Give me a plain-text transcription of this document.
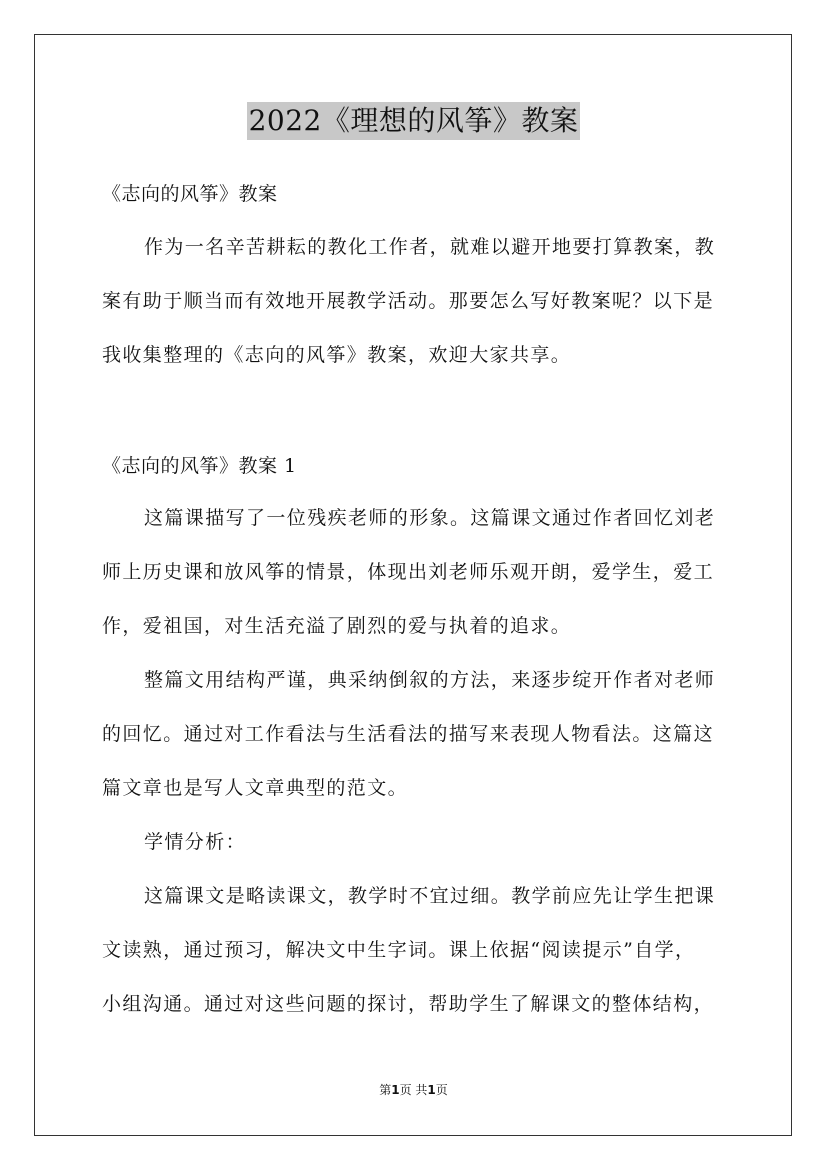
2022《理想的风筝》教案
《志向的风筝》教案

作为一名辛苦耕耘的教化工作者，就难以避开地要打算教案，教
案有助于顺当而有效地开展教学活动。那要怎么写好教案呢？以下是
我收集整理的《志向的风筝》教案，欢迎大家共享。

《志向的风筝》教案 1

这篇课描写了一位残疾老师的形象。这篇课文通过作者回忆刘老
师上历史课和放风筝的情景，体现出刘老师乐观开朗，爱学生，爱工
作，爱祖国，对生活充溢了剧烈的爱与执着的追求。

整篇文用结构严谨，典采纳倒叙的方法，来逐步绽开作者对老师
的回忆。通过对工作看法与生活看法的描写来表现人物看法。这篇这
篇文章也是写人文章典型的范文。

学情分析：

这篇课文是略读课文，教学时不宜过细。教学前应先让学生把课
文读熟，通过预习，解决文中生字词。课上依据“阅读提示”自学，
小组沟通。通过对这些问题的探讨，帮助学生了解课文的整体结构，

第1页 共1页
